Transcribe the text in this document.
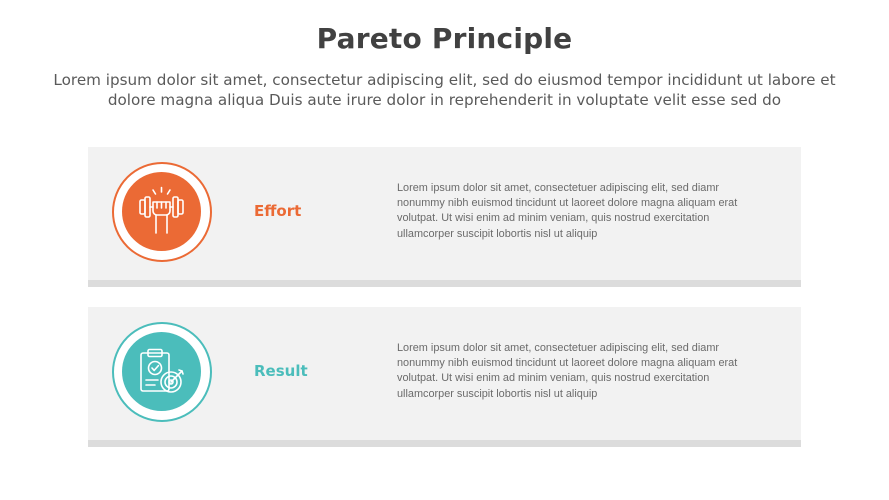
Pareto Principle
Lorem ipsum dolor sit amet, consectetur adipiscing elit, sed do eiusmod tempor incididunt ut labore et dolore magna aliqua Duis aute irure dolor in reprehenderit in voluptate velit esse sed do
Effort
Lorem ipsum dolor sit amet, consectetuer adipiscing elit, sed diamr nonummy nibh euismod tincidunt ut laoreet dolore magna aliquam erat volutpat. Ut wisi enim ad minim veniam, quis nostrud exercitation ullamcorper suscipit lobortis nisl ut aliquip
Result
Lorem ipsum dolor sit amet, consectetuer adipiscing elit, sed diamr nonummy nibh euismod tincidunt ut laoreet dolore magna aliquam erat volutpat. Ut wisi enim ad minim veniam, quis nostrud exercitation ullamcorper suscipit lobortis nisl ut aliquip
